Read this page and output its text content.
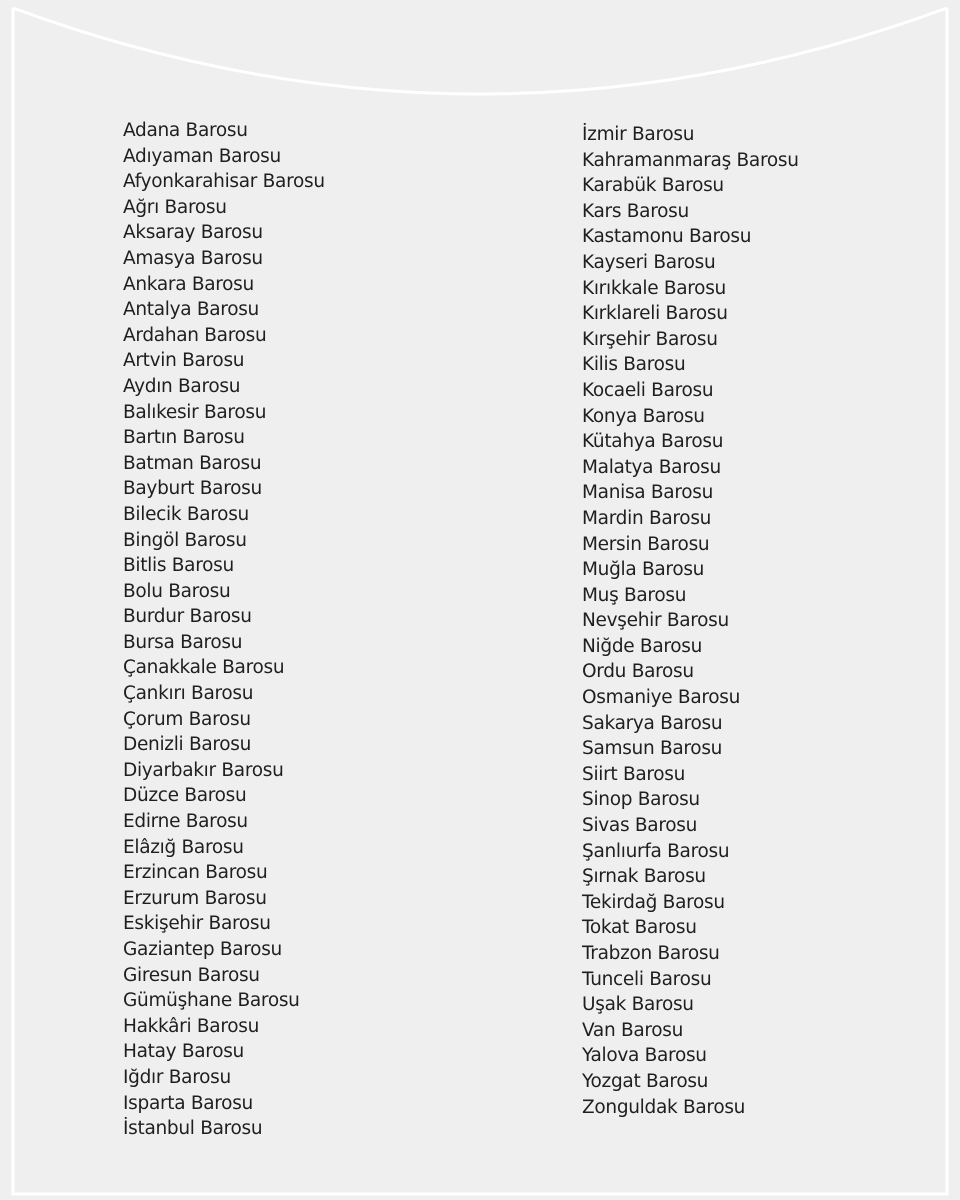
Adana Barosu
Adıyaman Barosu
Afyonkarahisar Barosu
Ağrı Barosu
Aksaray Barosu
Amasya Barosu
Ankara Barosu
Antalya Barosu
Ardahan Barosu
Artvin Barosu
Aydın Barosu
Balıkesir Barosu
Bartın Barosu
Batman Barosu
Bayburt Barosu
Bilecik Barosu
Bingöl Barosu
Bitlis Barosu
Bolu Barosu
Burdur Barosu
Bursa Barosu
Çanakkale Barosu
Çankırı Barosu
Çorum Barosu
Denizli Barosu
Diyarbakır Barosu
Düzce Barosu
Edirne Barosu
Elâzığ Barosu
Erzincan Barosu
Erzurum Barosu
Eskişehir Barosu
Gaziantep Barosu
Giresun Barosu
Gümüşhane Barosu
Hakkâri Barosu
Hatay Barosu
Iğdır Barosu
Isparta Barosu
İstanbul Barosu
İzmir Barosu
Kahramanmaraş Barosu
Karabük Barosu
Kars Barosu
Kastamonu Barosu
Kayseri Barosu
Kırıkkale Barosu
Kırklareli Barosu
Kırşehir Barosu
Kilis Barosu
Kocaeli Barosu
Konya Barosu
Kütahya Barosu
Malatya Barosu
Manisa Barosu
Mardin Barosu
Mersin Barosu
Muğla Barosu
Muş Barosu
Nevşehir Barosu
Niğde Barosu
Ordu Barosu
Osmaniye Barosu
Sakarya Barosu
Samsun Barosu
Siirt Barosu
Sinop Barosu
Sivas Barosu
Şanlıurfa Barosu
Şırnak Barosu
Tekirdağ Barosu
Tokat Barosu
Trabzon Barosu
Tunceli Barosu
Uşak Barosu
Van Barosu
Yalova Barosu
Yozgat Barosu
Zonguldak Barosu
